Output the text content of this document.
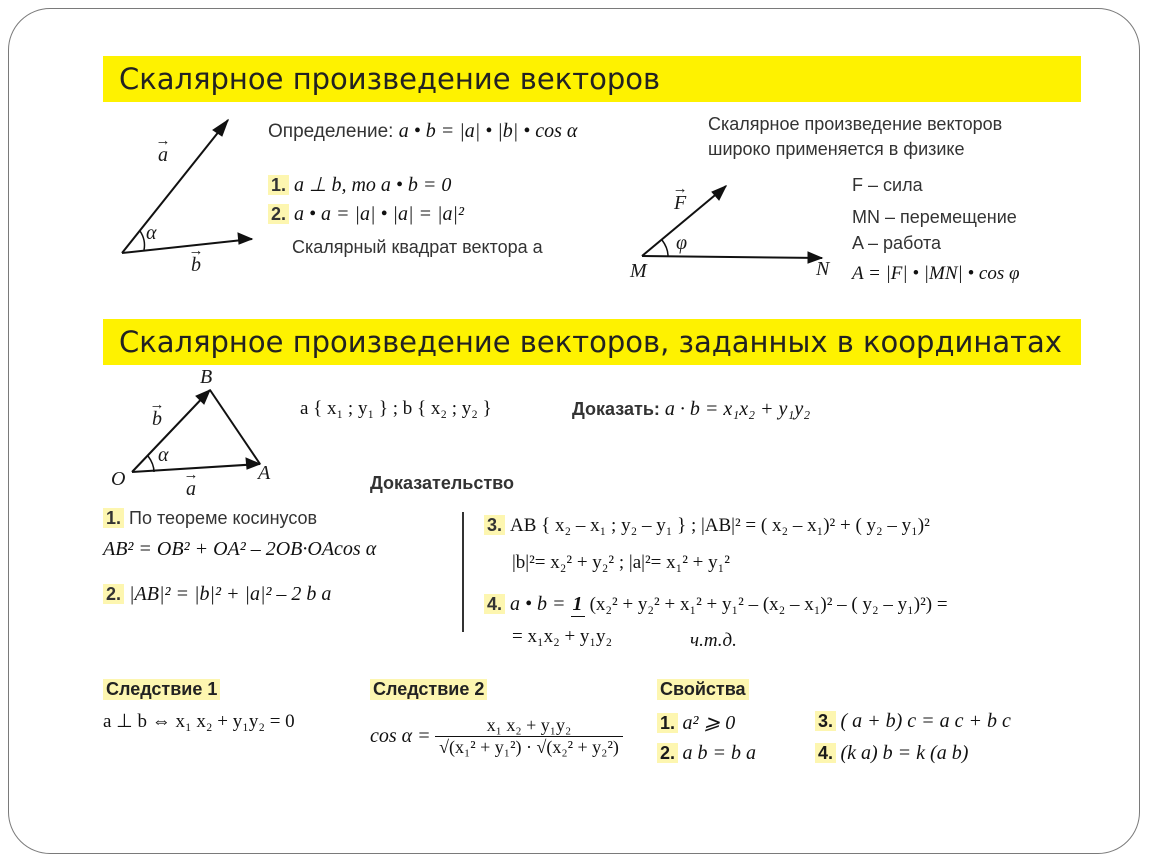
Скалярное произведение векторов
→ a
→ b
α
Определение: a • b = |a| • |b| • cos α
1. a ⊥ b, то a • b = 0
2. a • a = |a| • |a| = |a|²
Скалярный квадрат вектора a
Скалярное произведение векторов
широко применяется в физике
→ F
φ
M	N
F – сила
MN – перемещение
A – работа
A = |F| • |MN| • cos φ
Скалярное произведение векторов, заданных в координатах
B
O	A
→ b
→ a
α
a { x₁ ; y₁ } ; b { x₂ ; y₂ }	Доказать: a · b = x₁x₂ + y₁y₂
Доказательство
1. По теореме косинусов
AB² = OB² + OA² – 2OB·OAcos α
2. |AB|² = |b|² + |a|² – 2 b a
3. AB { x₂ – x₁ ; y₂ – y₁ } ; |AB|² = ( x₂ – x₁)² + ( y₂ – y₁)²
|b|²= x₂² + y₂² ; |a|²= x₁² + y₁²
4. a • b = 1 (x₂² + y₂² + x₁² + y₁² – (x₂ – x₁)² – ( y₂ – y₁)²) =
= x₁x₂ + y₁y₂	ч.т.д.
Следствие 1
a ⊥ b ⇔ x₁ x₂ + y₁y₂ = 0
Следствие 2
$\cos \alpha = \frac{\text{x₁ x₂ + y₁y₂}}{\text{√(x₁² + y₁²) · √(x₂² + y₂²)}}$
Свойства
1. a² ⩾ 0
2. a b = b a
3. ( a + b) c = a c + b c
4. (k a) b = k (a b)
